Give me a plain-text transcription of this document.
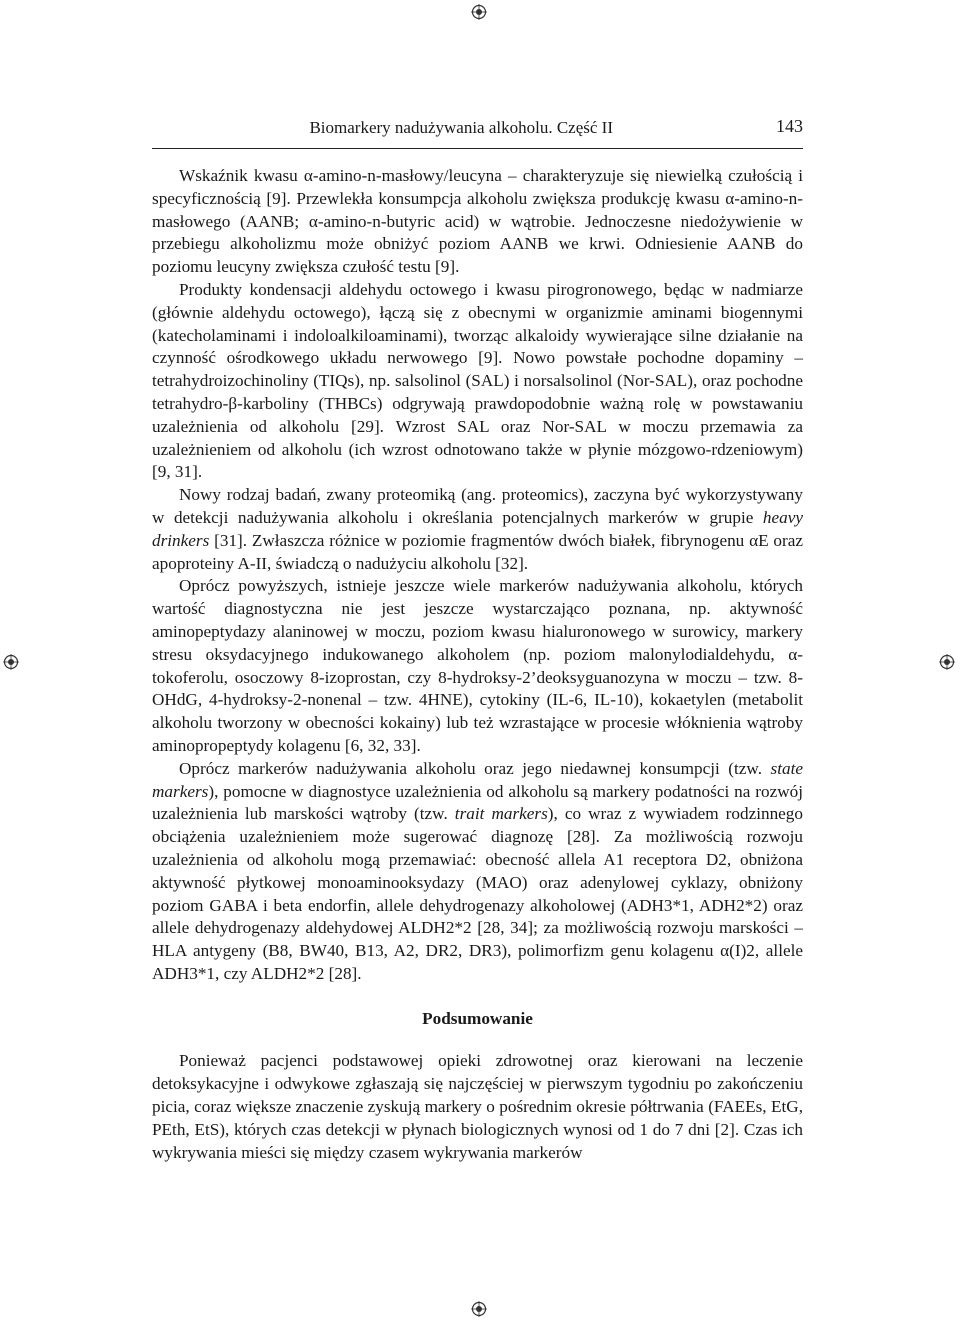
Biomarkery nadużywania alkoholu. Część II	143

Wskaźnik kwasu α-amino-n-masłowy/leucyna – charakteryzuje się niewielką czułością i specyficznością [9]. Przewlekła konsumpcja alkoholu zwiększa produkcję kwasu α-amino-n-masłowego (AANB; α-amino-n-butyric acid) w wątrobie. Jednoczesne niedożywienie w przebiegu alkoholizmu może obniżyć poziom AANB we krwi. Odniesienie AANB do poziomu leucyny zwiększa czułość testu [9].

Produkty kondensacji aldehydu octowego i kwasu pirogronowego, będąc w nadmiarze (głównie aldehydu octowego), łączą się z obecnymi w organizmie aminami biogennymi (katecholaminami i indoloalkiloaminami), tworząc alkaloidy wywierające silne działanie na czynność ośrodkowego układu nerwowego [9]. Nowo powstałe pochodne dopaminy – tetrahydroizochinoliny (TIQs), np. salsolinol (SAL) i norsalsolinol (Nor-SAL), oraz pochodne tetrahydro-β-karboliny (THBCs) odgrywają prawdopodobnie ważną rolę w powstawaniu uzależnienia od alkoholu [29]. Wzrost SAL oraz Nor-SAL w moczu przemawia za uzależnieniem od alkoholu (ich wzrost odnotowano także w płynie mózgowo-rdzeniowym) [9, 31].

Nowy rodzaj badań, zwany proteomiką (ang. proteomics), zaczyna być wykorzystywany w detekcji nadużywania alkoholu i określania potencjalnych markerów w grupie heavy drinkers [31]. Zwłaszcza różnice w poziomie fragmentów dwóch białek, fibrynogenu αE oraz apoproteiny A-II, świadczą o nadużyciu alkoholu [32].

Oprócz powyższych, istnieje jeszcze wiele markerów nadużywania alkoholu, których wartość diagnostyczna nie jest jeszcze wystarczająco poznana, np. aktywność aminopeptydazy alaninowej w moczu, poziom kwasu hialuronowego w surowicy, markery stresu oksydacyjnego indukowanego alkoholem (np. poziom malonylodialdehydu, α-tokoferolu, osoczowy 8-izoprostan, czy 8-hydroksy-2’deoksyguanozyna w moczu – tzw. 8-OHdG, 4-hydroksy-2-nonenal – tzw. 4HNE), cytokiny (IL-6, IL-10), kokaetylen (metabolit alkoholu tworzony w obecności kokainy) lub też wzrastające w procesie włóknienia wątroby aminopropeptydy kolagenu [6, 32, 33].

Oprócz markerów nadużywania alkoholu oraz jego niedawnej konsumpcji (tzw. state markers), pomocne w diagnostyce uzależnienia od alkoholu są markery podatności na rozwój uzależnienia lub marskości wątroby (tzw. trait markers), co wraz z wywiadem rodzinnego obciążenia uzależnieniem może sugerować diagnozę [28]. Za możliwością rozwoju uzależnienia od alkoholu mogą przemawiać: obecność allela A1 receptora D2, obniżona aktywność płytkowej monoaminooksydazy (MAO) oraz adenylowej cyklazy, obniżony poziom GABA i beta endorfin, allele dehydrogenazy alkoholowej (ADH3*1, ADH2*2) oraz allele dehydrogenazy aldehydowej ALDH2*2 [28, 34]; za możliwością rozwoju marskości – HLA antygeny (B8, BW40, B13, A2, DR2, DR3), polimorfizm genu kolagenu α(I)2, allele ADH3*1, czy ALDH2*2 [28].

Podsumowanie

Ponieważ pacjenci podstawowej opieki zdrowotnej oraz kierowani na leczenie detoksykacyjne i odwykowe zgłaszają się najczęściej w pierwszym tygodniu po zakończeniu picia, coraz większe znaczenie zyskują markery o pośrednim okresie półtrwania (FAEEs, EtG, PEth, EtS), których czas detekcji w płynach biologicznych wynosi od 1 do 7 dni [2]. Czas ich wykrywania mieści się między czasem wykrywania markerów
